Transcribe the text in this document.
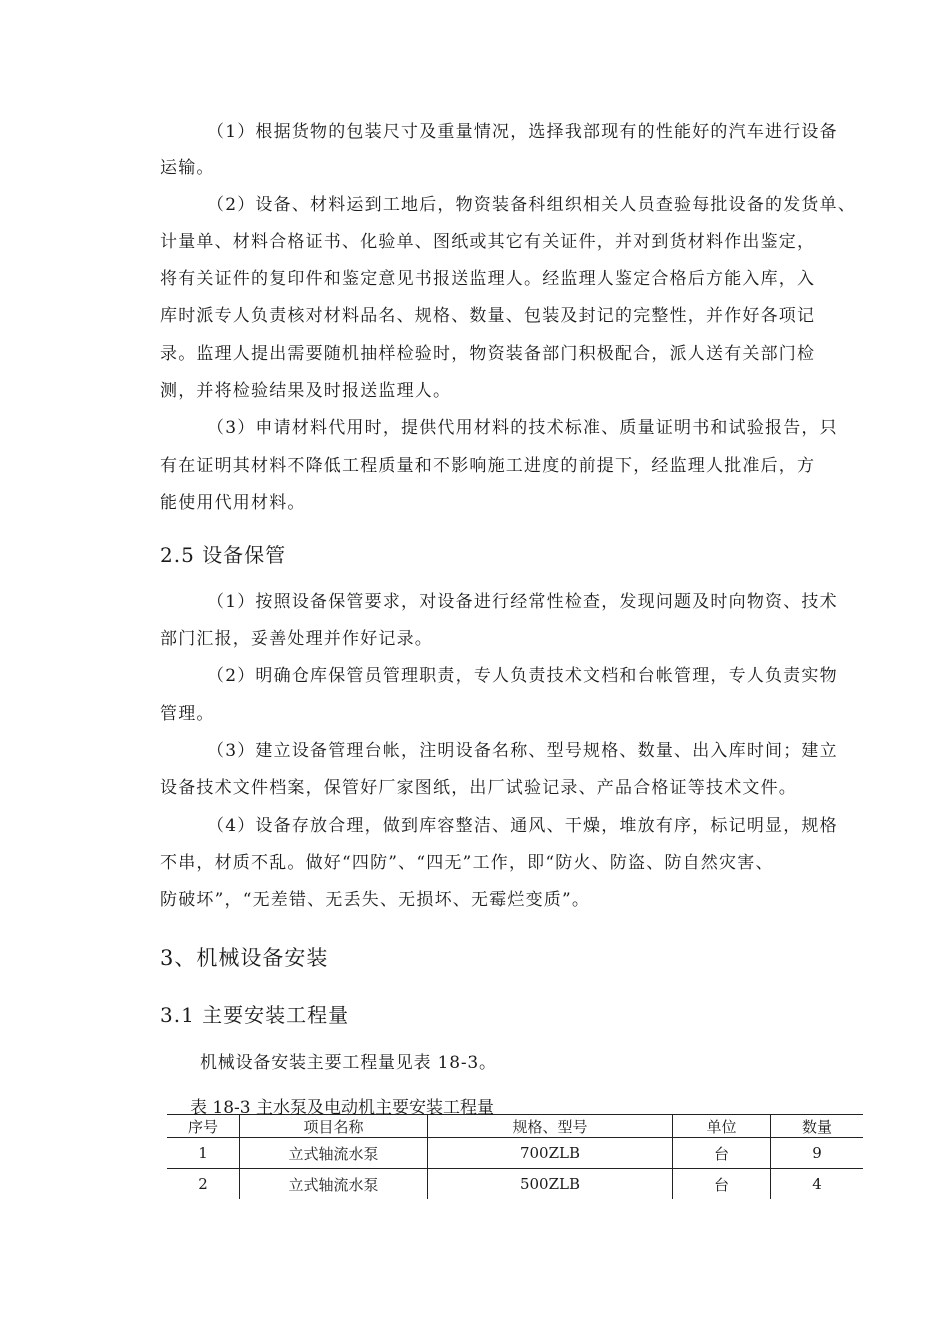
（1）根据货物的包装尺寸及重量情况，选择我部现有的性能好的汽车进行设备
运输。
（2）设备、材料运到工地后，物资装备科组织相关人员查验每批设备的发货单、
计量单、材料合格证书、化验单、图纸或其它有关证件，并对到货材料作出鉴定，
将有关证件的复印件和鉴定意见书报送监理人。经监理人鉴定合格后方能入库，入
库时派专人负责核对材料品名、规格、数量、包装及封记的完整性，并作好各项记
录。监理人提出需要随机抽样检验时，物资装备部门积极配合，派人送有关部门检
测，并将检验结果及时报送监理人。
（3）申请材料代用时，提供代用材料的技术标准、质量证明书和试验报告，只
有在证明其材料不降低工程质量和不影响施工进度的前提下，经监理人批准后，方
能使用代用材料。
2.5 设备保管
（1）按照设备保管要求，对设备进行经常性检查，发现问题及时向物资、技术
部门汇报，妥善处理并作好记录。
（2）明确仓库保管员管理职责，专人负责技术文档和台帐管理，专人负责实物
管理。
（3）建立设备管理台帐，注明设备名称、型号规格、数量、出入库时间；建立
设备技术文件档案，保管好厂家图纸，出厂试验记录、产品合格证等技术文件。
（4）设备存放合理，做到库容整洁、通风、干燥，堆放有序，标记明显，规格
不串，材质不乱。做好“四防”、“四无”工作，即“防火、防盗、防自然灾害、
防破坏”，“无差错、无丢失、无损坏、无霉烂变质”。
3、机械设备安装
3.1 主要安装工程量
机械设备安装主要工程量见表 18-3。
表 18-3 主水泵及电动机主要安装工程量
序号	项目名称	规格、型号	单位	数量
1	立式轴流水泵	700ZLB	台	9
2	立式轴流水泵	500ZLB	台	4
